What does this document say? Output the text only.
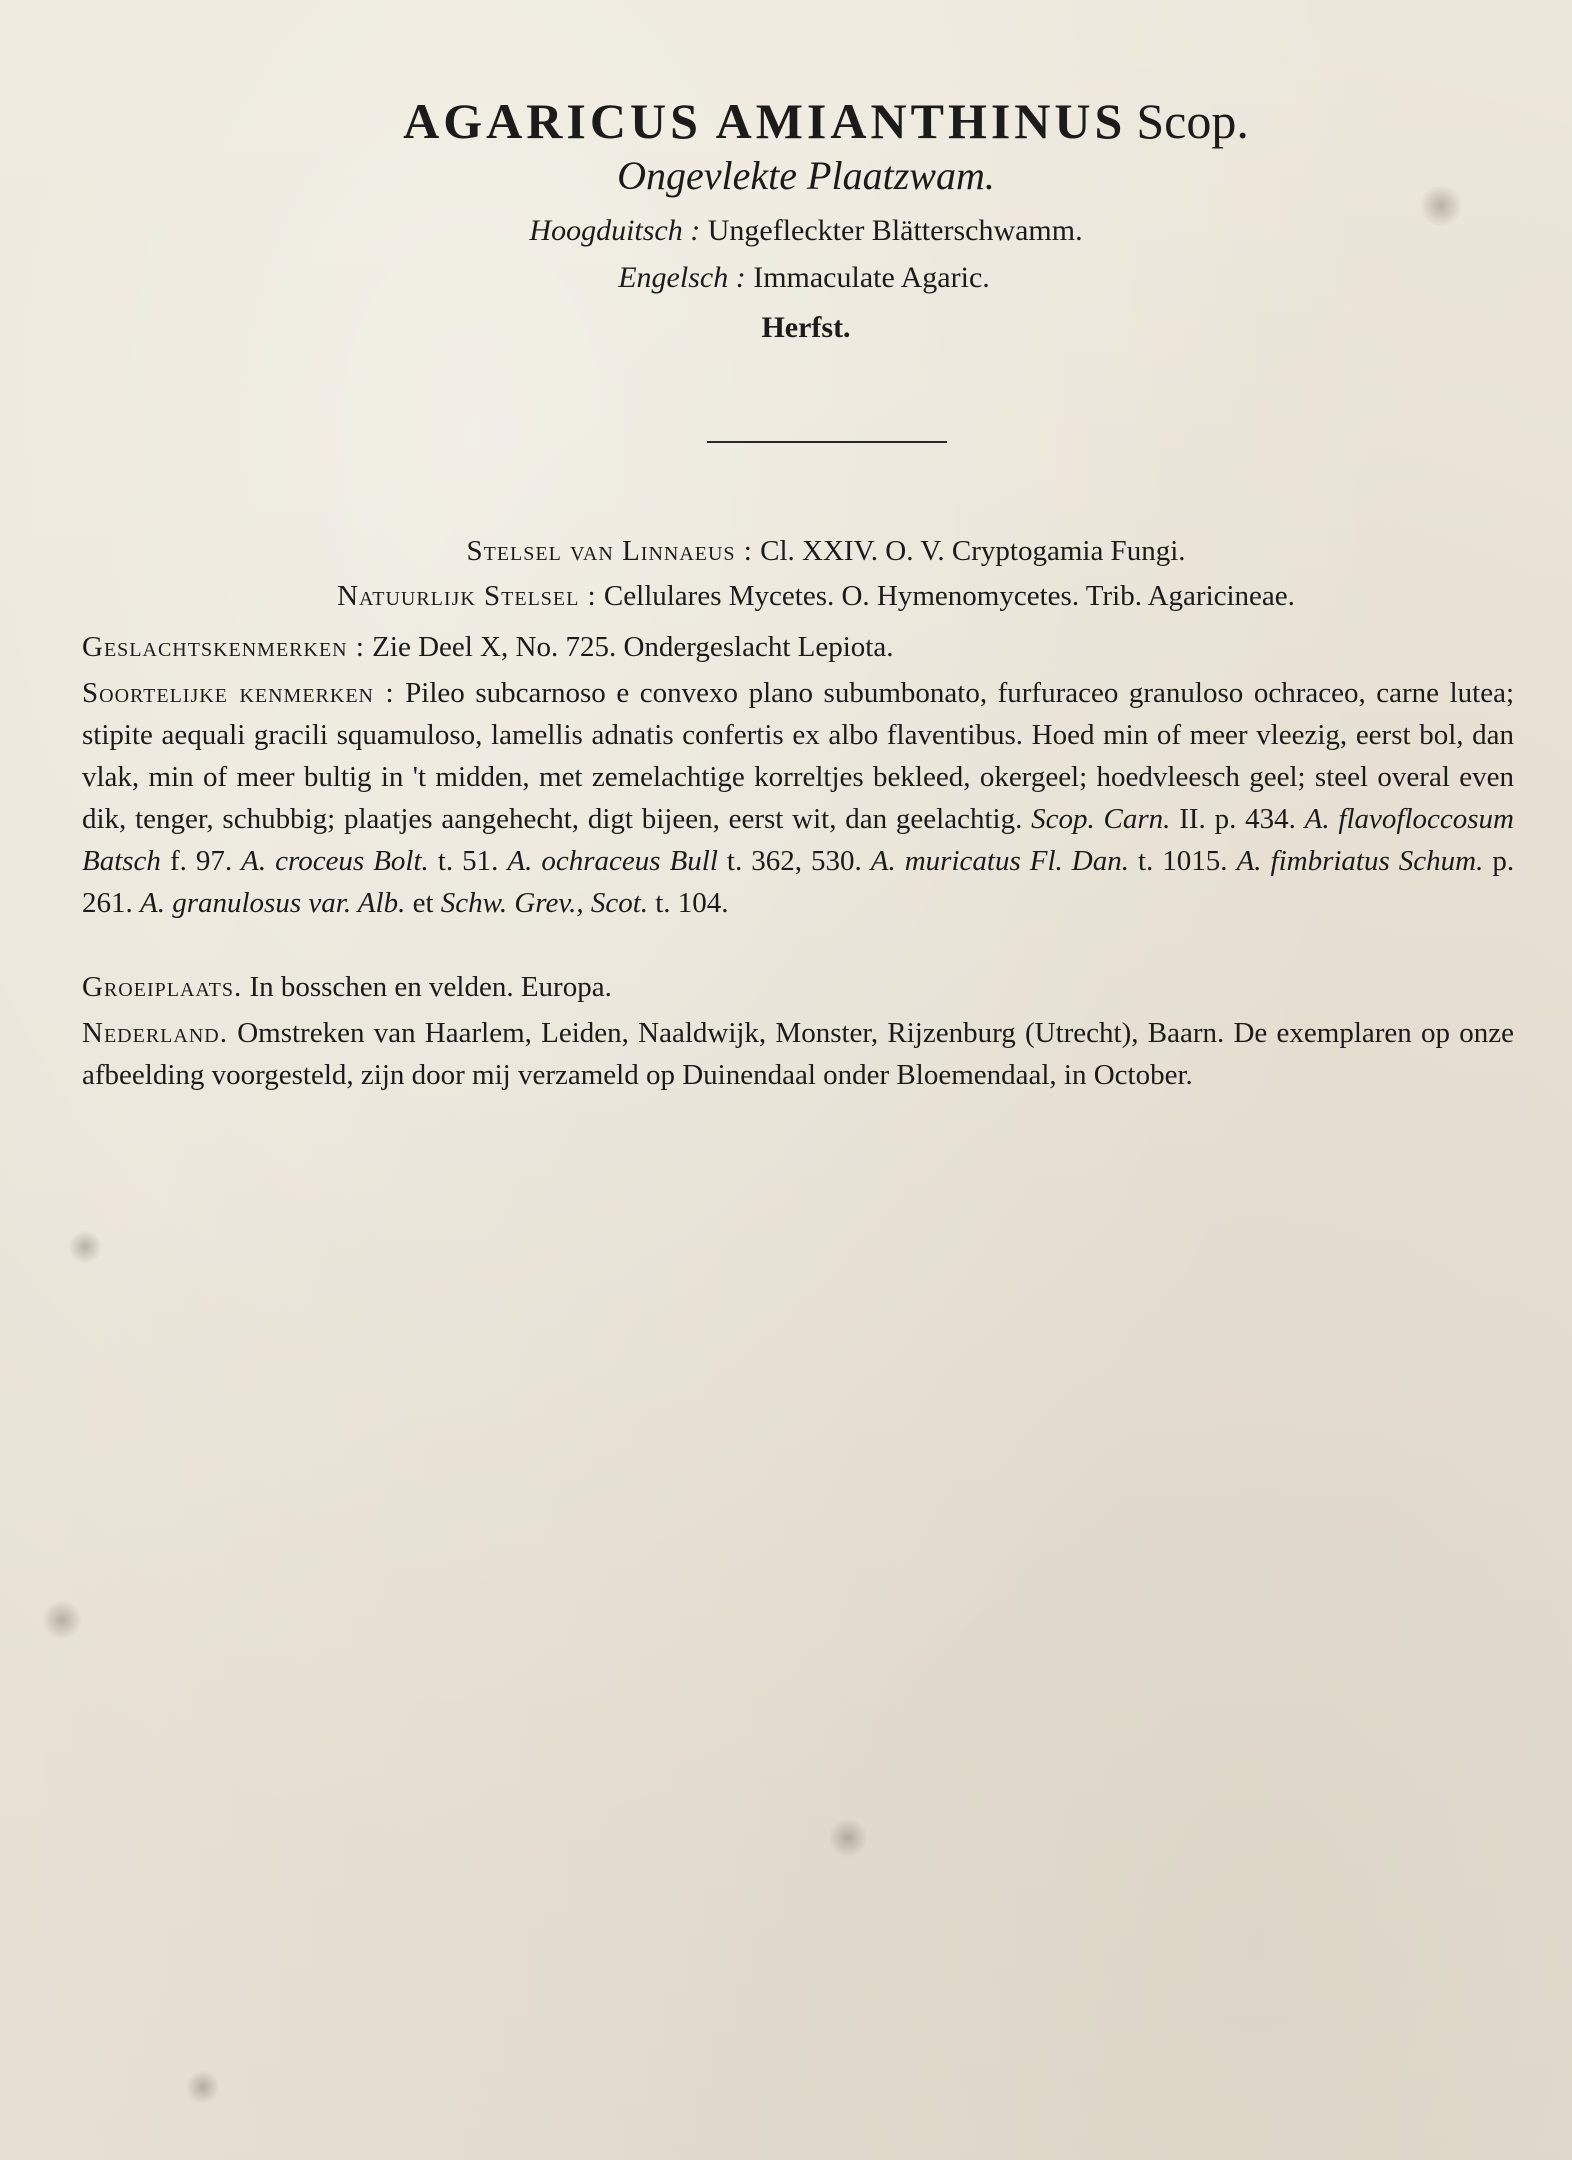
AGARICUS AMIANTHINUS Scop.
Ongevlekte Plaatzwam.
Hoogduitsch : Ungefleckter Blätterschwamm.
Engelsch : Immaculate Agaric.
Herfst.
Stelsel van Linnaeus : Cl. XXIV. O. V. Cryptogamia Fungi.
Natuurlijk Stelsel : Cellulares Mycetes. O. Hymenomycetes. Trib. Agaricineae.

Geslachtskenmerken : Zie Deel X, No. 725. Ondergeslacht Lepiota.

Soortelijke kenmerken : Pileo subcarnoso e convexo plano subumbonato, furfuraceo granuloso ochraceo, carne lutea; stipite aequali gracili squamuloso, lamellis adnatis confertis ex albo flaventibus. Hoed min of meer vleezig, eerst bol, dan vlak, min of meer bultig in 't midden, met zemelachtige korreltjes bekleed, okergeel; hoedvleesch geel; steel overal even dik, tenger, schubbig; plaatjes aangehecht, digt bijeen, eerst wit, dan geelachtig. Scop. Carn. II. p. 434. A. flavofloccosum Batsch f. 97. A. croceus Bolt. t. 51. A. ochraceus Bull t. 362, 530. A. muricatus Fl. Dan. t. 1015. A. fimbriatus Schum. p. 261. A. granulosus var. Alb. et Schw. Grev., Scot. t. 104.

Groeiplaats. In bosschen en velden. Europa.

Nederland. Omstreken van Haarlem, Leiden, Naaldwijk, Monster, Rijzenburg (Utrecht), Baarn. De exemplaren op onze afbeelding voorgesteld, zijn door mij verzameld op Duinendaal onder Bloemendaal, in October.
